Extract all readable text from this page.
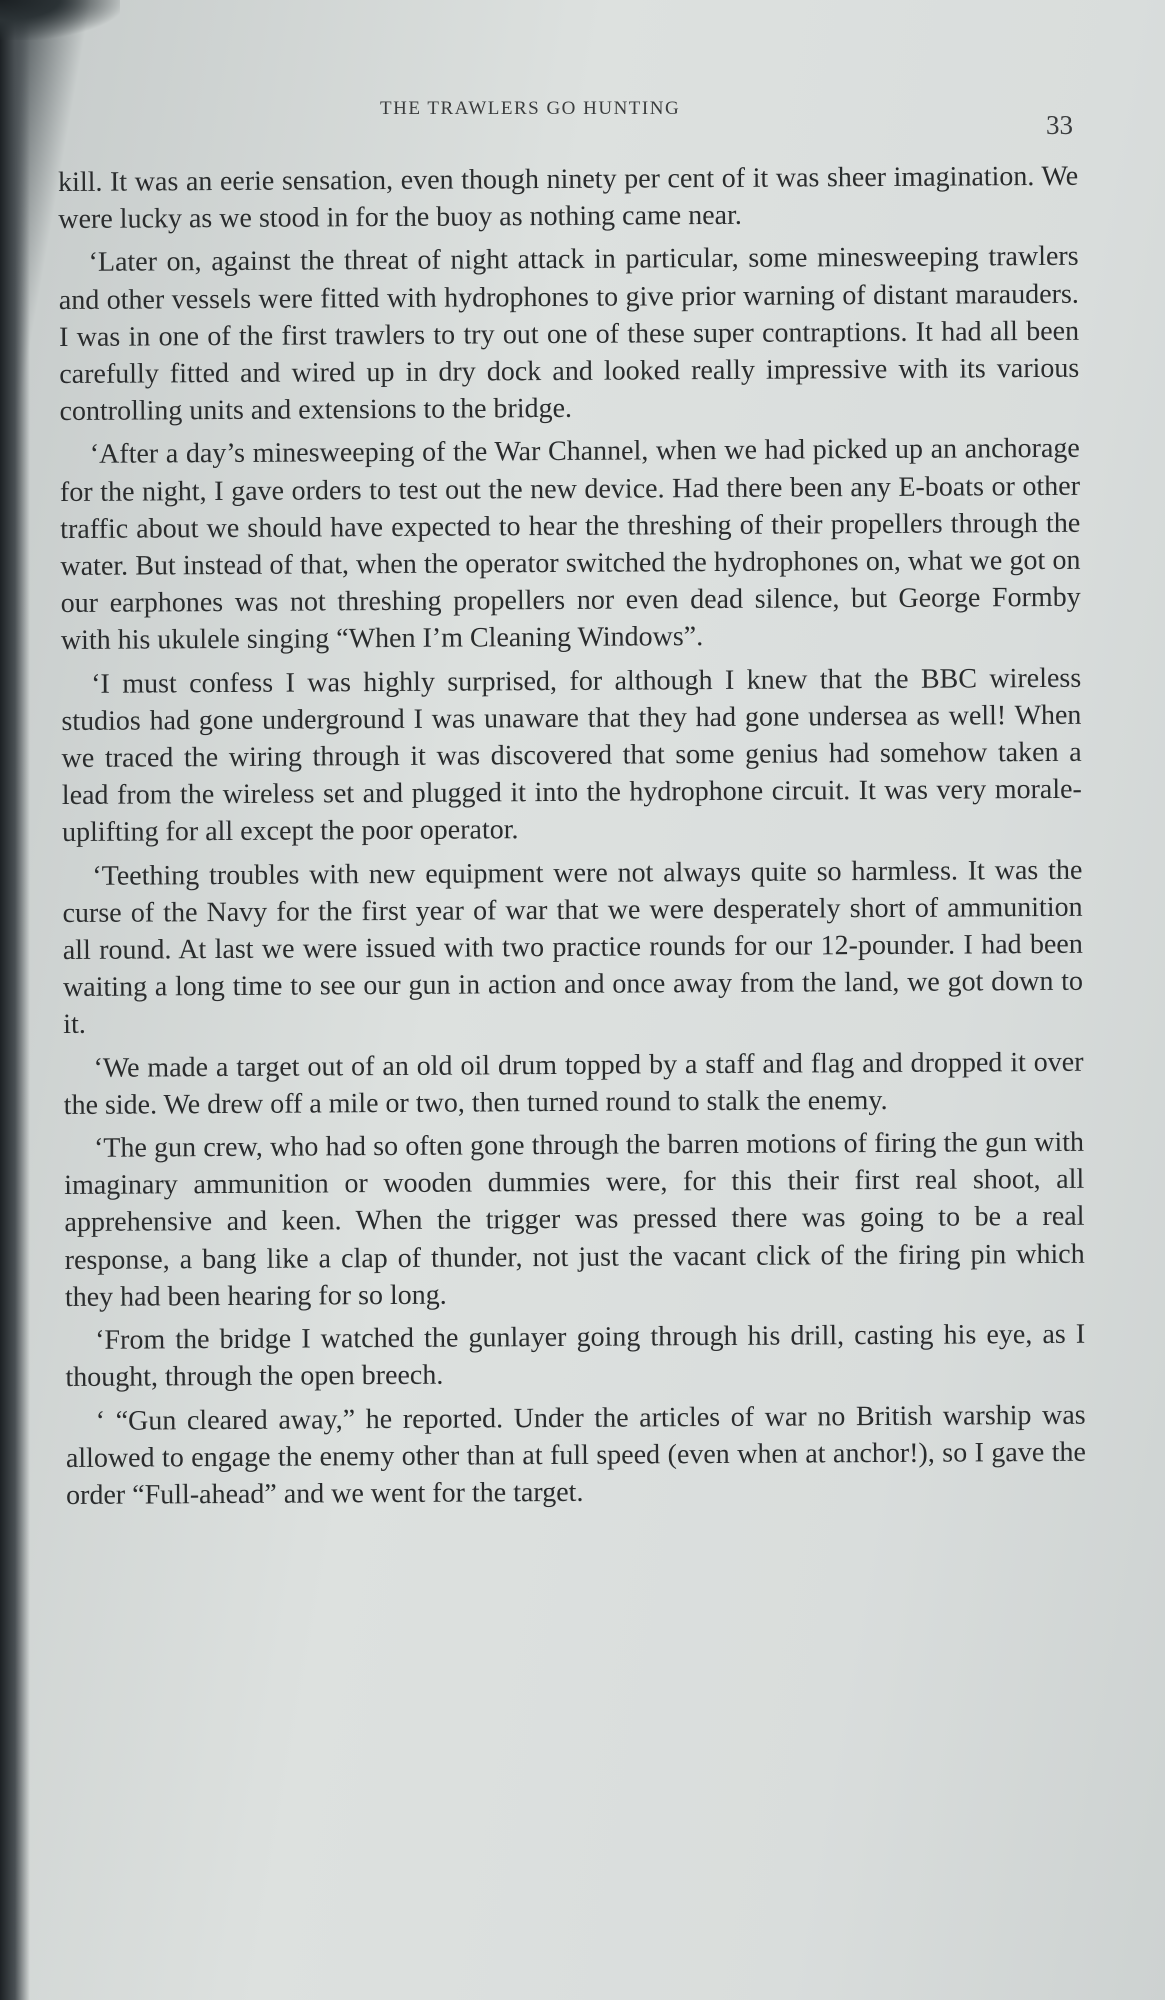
THE TRAWLERS GO HUNTING
33

kill. It was an eerie sensation, even though ninety per cent of it was sheer imagination. We were lucky as we stood in for the buoy as nothing came near.

‘Later on, against the threat of night attack in particular, some minesweeping trawlers and other vessels were fitted with hydrophones to give prior warning of distant marauders. I was in one of the first trawlers to try out one of these super contraptions. It had all been carefully fitted and wired up in dry dock and looked really impressive with its various controlling units and extensions to the bridge.

‘After a day’s minesweeping of the War Channel, when we had picked up an anchorage for the night, I gave orders to test out the new device. Had there been any E-boats or other traffic about we should have expected to hear the threshing of their propellers through the water. But instead of that, when the operator switched the hydrophones on, what we got on our earphones was not threshing propellers nor even dead silence, but George Formby with his ukulele singing “When I’m Cleaning Windows”.

‘I must confess I was highly surprised, for although I knew that the BBC wireless studios had gone underground I was unaware that they had gone undersea as well! When we traced the wiring through it was discovered that some genius had somehow taken a lead from the wireless set and plugged it into the hydrophone circuit. It was very morale-uplifting for all except the poor operator.

‘Teething troubles with new equipment were not always quite so harmless. It was the curse of the Navy for the first year of war that we were desperately short of ammunition all round. At last we were issued with two practice rounds for our 12-pounder. I had been waiting a long time to see our gun in action and once away from the land, we got down to it.

‘We made a target out of an old oil drum topped by a staff and flag and dropped it over the side. We drew off a mile or two, then turned round to stalk the enemy.

‘The gun crew, who had so often gone through the barren motions of firing the gun with imaginary ammunition or wooden dummies were, for this their first real shoot, all apprehensive and keen. When the trigger was pressed there was going to be a real response, a bang like a clap of thunder, not just the vacant click of the firing pin which they had been hearing for so long.

‘From the bridge I watched the gunlayer going through his drill, casting his eye, as I thought, through the open breech.

‘ “Gun cleared away,” he reported. Under the articles of war no British warship was allowed to engage the enemy other than at full speed (even when at anchor!), so I gave the order “Full-ahead” and we went for the target.
